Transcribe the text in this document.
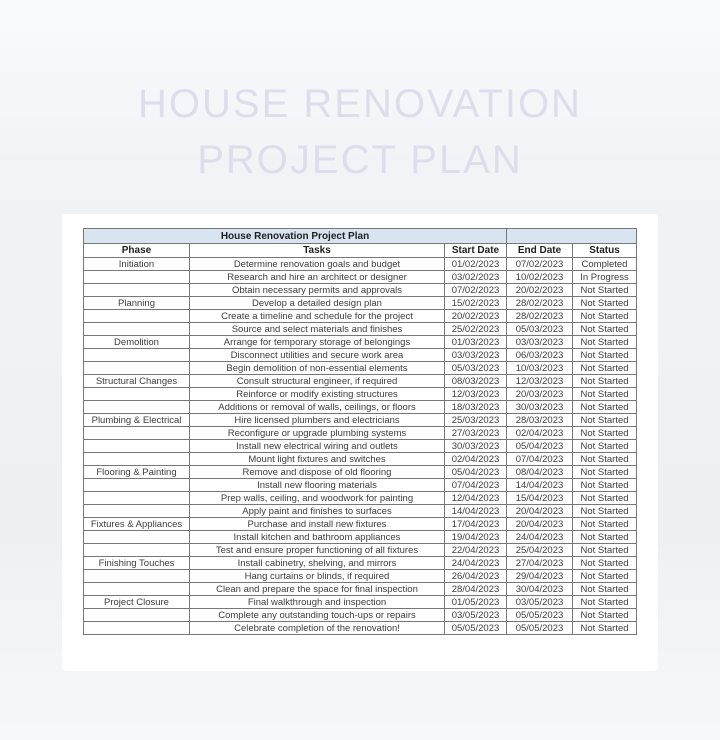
HOUSE RENOVATION
PROJECT PLAN
House Renovation Project Plan				
Phase	Tasks	Start Date	End Date	Status
Initiation	Determine renovation goals and budget	01/02/2023	07/02/2023	Completed
	Research and hire an architect or designer	03/02/2023	10/02/2023	In Progress
	Obtain necessary permits and approvals	07/02/2023	20/02/2023	Not Started
Planning	Develop a detailed design plan	15/02/2023	28/02/2023	Not Started
	Create a timeline and schedule for the project	20/02/2023	28/02/2023	Not Started
	Source and select materials and finishes	25/02/2023	05/03/2023	Not Started
Demolition	Arrange for temporary storage of belongings	01/03/2023	03/03/2023	Not Started
	Disconnect utilities and secure work area	03/03/2023	06/03/2023	Not Started
	Begin demolition of non-essential elements	05/03/2023	10/03/2023	Not Started
Structural Changes	Consult structural engineer, if required	08/03/2023	12/03/2023	Not Started
	Reinforce or modify existing structures	12/03/2023	20/03/2023	Not Started
	Additions or removal of walls, ceilings, or floors	18/03/2023	30/03/2023	Not Started
Plumbing & Electrical	Hire licensed plumbers and electricians	25/03/2023	28/03/2023	Not Started
	Reconfigure or upgrade plumbing systems	27/03/2023	02/04/2023	Not Started
	Install new electrical wiring and outlets	30/03/2023	05/04/2023	Not Started
	Mount light fixtures and switches	02/04/2023	07/04/2023	Not Started
Flooring & Painting	Remove and dispose of old flooring	05/04/2023	08/04/2023	Not Started
	Install new flooring materials	07/04/2023	14/04/2023	Not Started
	Prep walls, ceiling, and woodwork for painting	12/04/2023	15/04/2023	Not Started
	Apply paint and finishes to surfaces	14/04/2023	20/04/2023	Not Started
Fixtures & Appliances	Purchase and install new fixtures	17/04/2023	20/04/2023	Not Started
	Install kitchen and bathroom appliances	19/04/2023	24/04/2023	Not Started
	Test and ensure proper functioning of all fixtures	22/04/2023	25/04/2023	Not Started
Finishing Touches	Install cabinetry, shelving, and mirrors	24/04/2023	27/04/2023	Not Started
	Hang curtains or blinds, if required	26/04/2023	29/04/2023	Not Started
	Clean and prepare the space for final inspection	28/04/2023	30/04/2023	Not Started
Project Closure	Final walkthrough and inspection	01/05/2023	03/05/2023	Not Started
	Complete any outstanding touch-ups or repairs	03/05/2023	05/05/2023	Not Started
	Celebrate completion of the renovation!	05/05/2023	05/05/2023	Not Started
